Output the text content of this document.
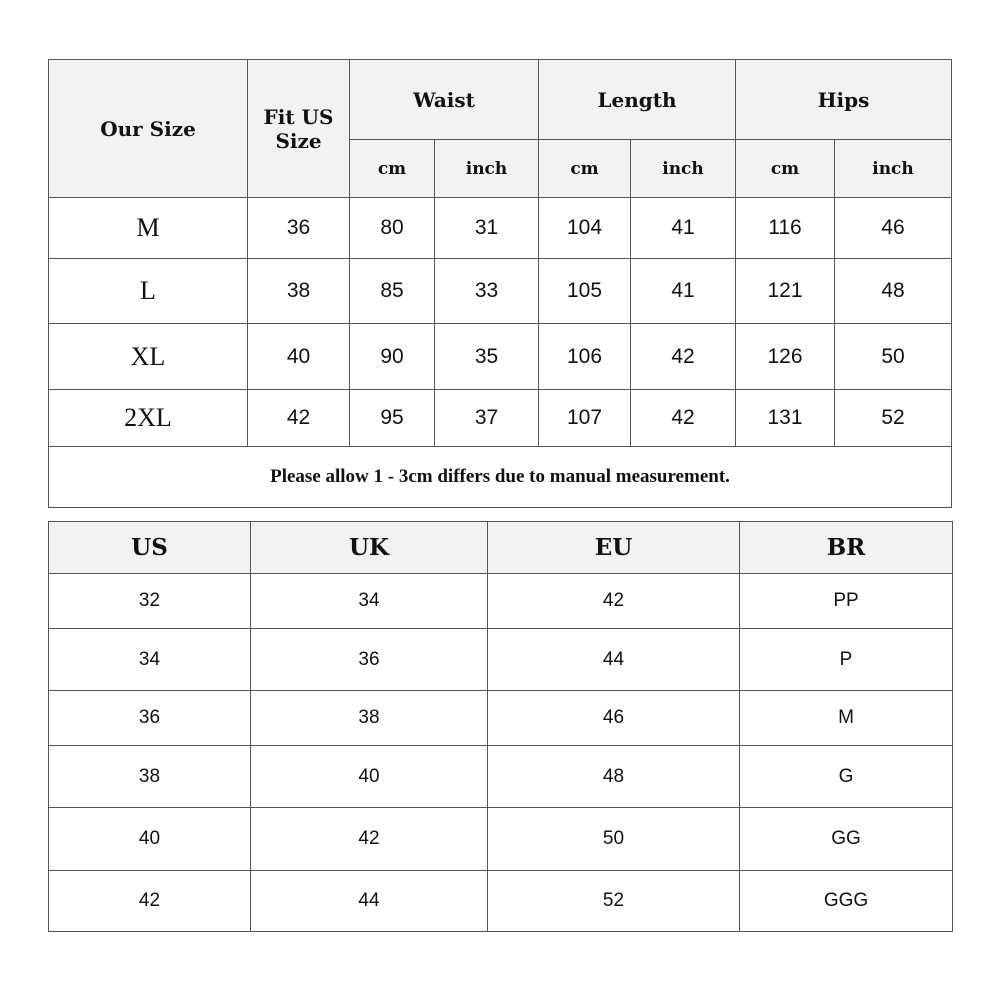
Our Size	Fit US Size	Waist		Length		Hips	
		cm	inch	cm	inch	cm	inch
M	36	80	31	104	41	116	46
L	38	85	33	105	41	121	48
XL	40	90	35	106	42	126	50
2XL	42	95	37	107	42	131	52
Please allow 1 - 3cm differs due to manual measurement.							
US	UK	EU	BR
32	34	42	PP
34	36	44	P
36	38	46	M
38	40	48	G
40	42	50	GG
42	44	52	GGG
